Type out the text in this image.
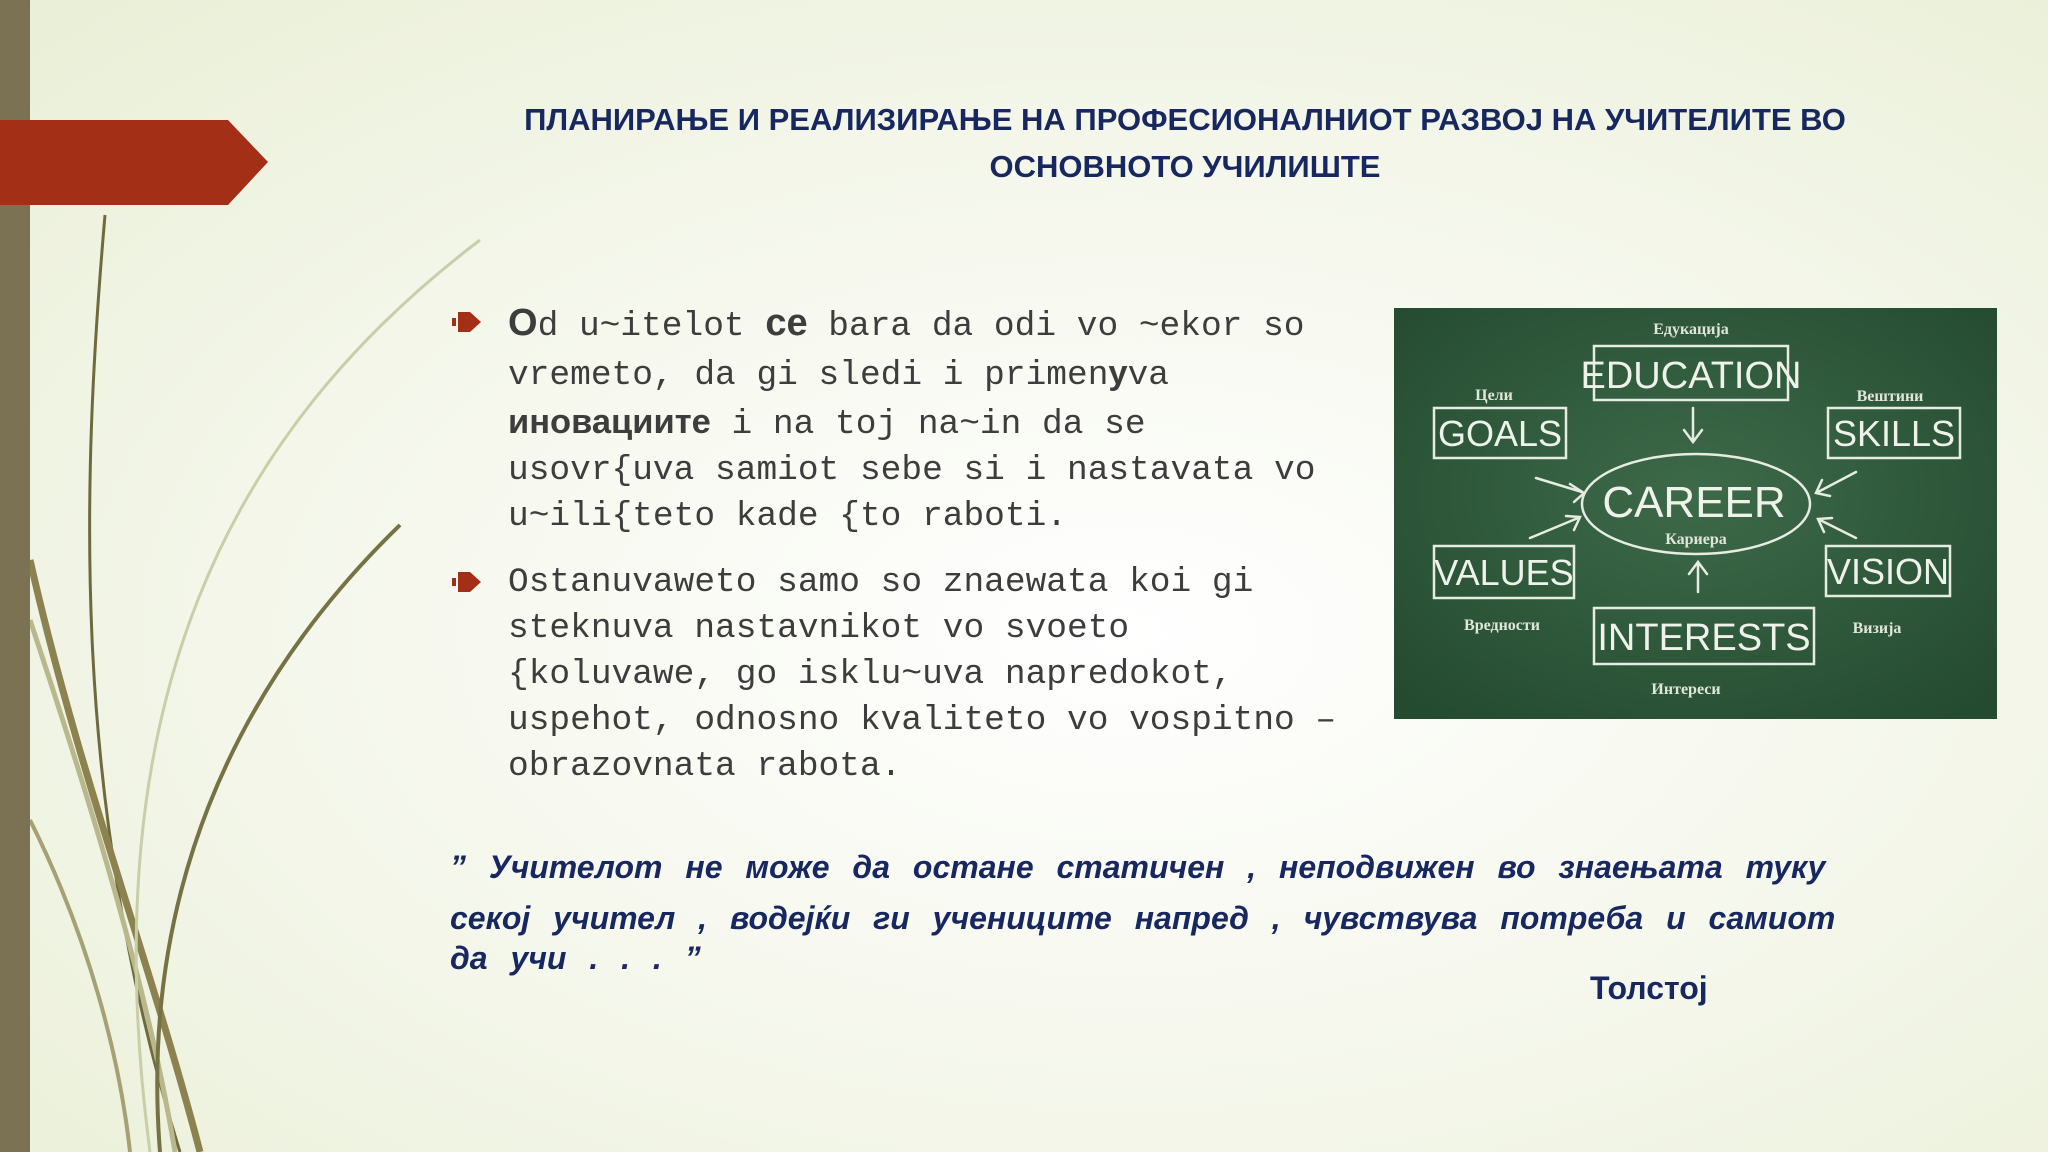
ПЛАНИРАЊЕ И РЕАЛИЗИРАЊЕ НА ПРОФЕСИОНАЛНИОТ РАЗВОЈ НА УЧИТЕЛИТЕ ВО
ОСНОВНОТО УЧИЛИШТЕ
Od u~itelot ce bara da odi vo ~ekor so vremeto, da gi sledi i primenyva иновациите i na toj na~in da se usovr{uva samiot sebe si i nastavata vo u~ili{teto kade {to raboti.
Ostanuvaweto samo so znaewata koi gi steknuva nastavnikot vo svoeto {koluvawe, go isklu~uva napredokot, uspehot, odnosno kvaliteto vo vospitno – obrazovnata rabota.
EDUCATION
GOALS	SKILLS
VALUES	VISION
INTERESTS
CAREER
Едукација
Цели	Вештини
Вредности	Визија
Интереси
Кариера
” Учителот не може да остане статичен , неподвижен во знаењата туку
секој учител , водејќи ги учениците напред , чувствува потреба и самиот
да учи . . . ”
Толстој
